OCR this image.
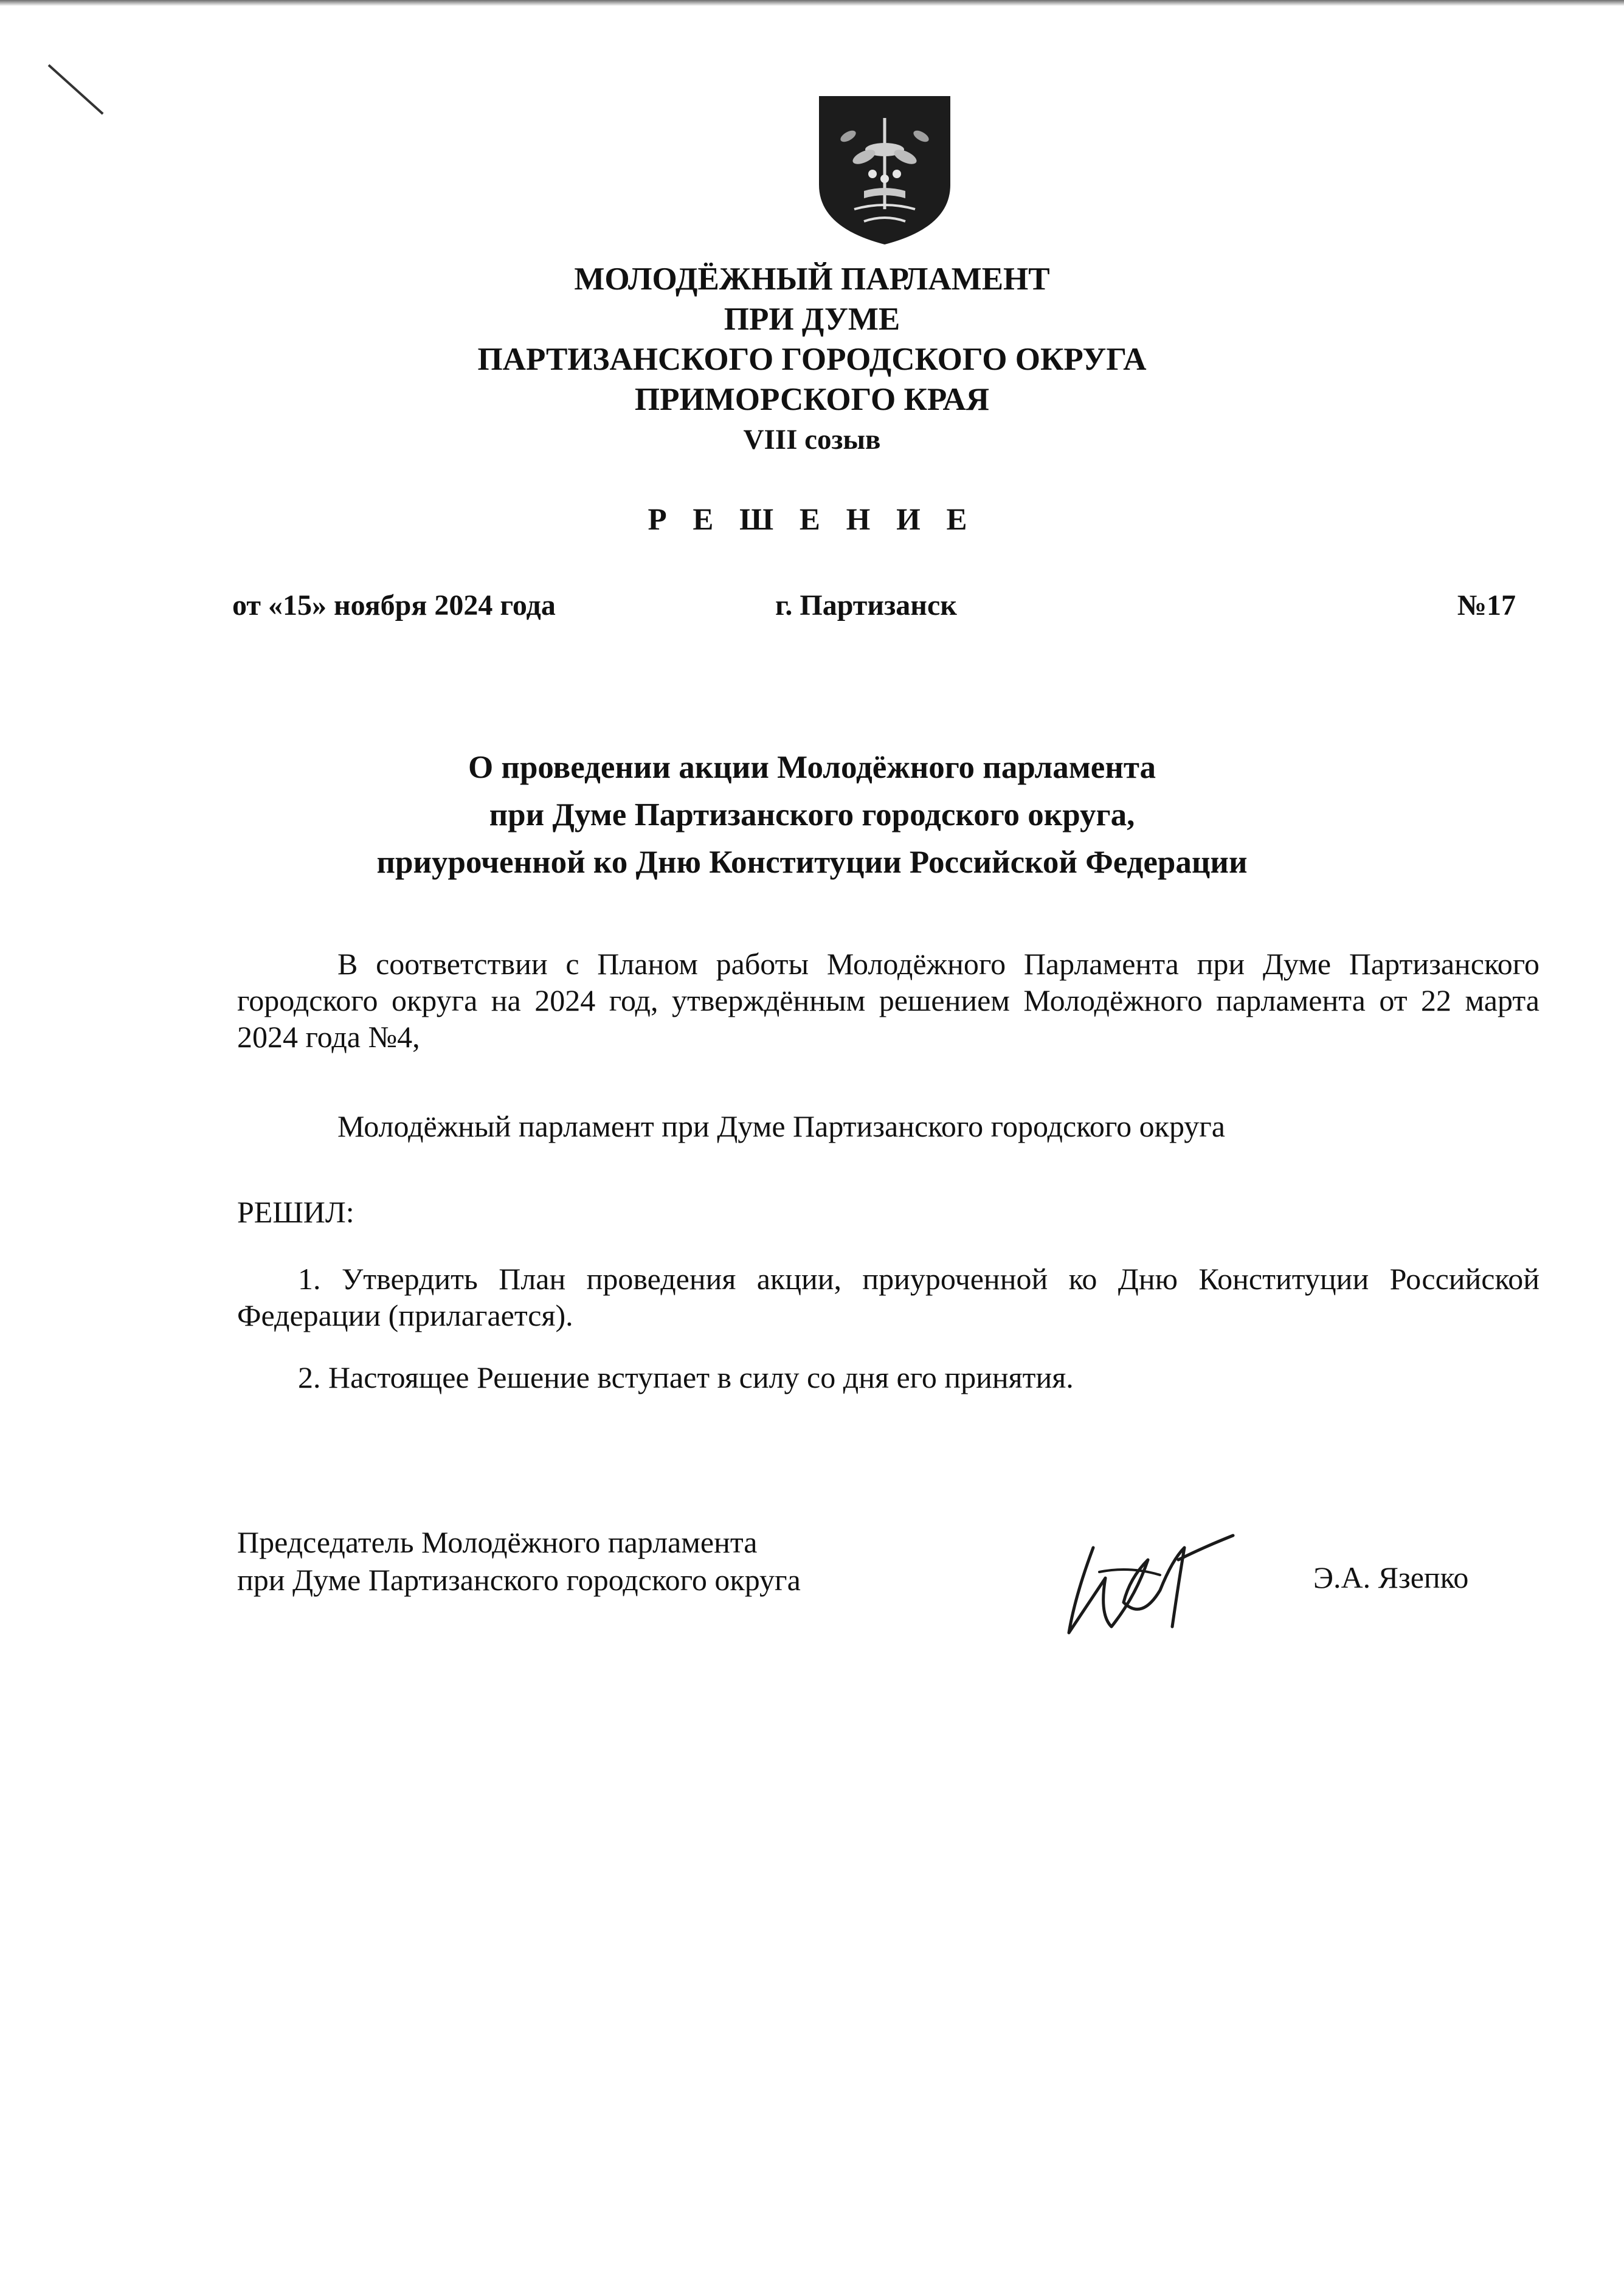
МОЛОДЁЖНЫЙ ПАРЛАМЕНТ
ПРИ ДУМЕ
ПАРТИЗАНСКОГО ГОРОДСКОГО ОКРУГА
ПРИМОРСКОГО КРАЯ
VIII созыв
Р Е Ш Е Н И Е
от «15» ноября 2024 года	г. Партизанск	№17
О проведении акции Молодёжного парламента
при Думе Партизанского городского округа,
приуроченной ко Дню Конституции Российской Федерации
В соответствии с Планом работы Молодёжного Парламента при Думе Партизанского городского округа на 2024 год, утверждённым решением Молодёжного парламента от 22 марта 2024 года №4,
Молодёжный парламент при Думе Партизанского городского округа
РЕШИЛ:
1. Утвердить План проведения акции, приуроченной ко Дню Конституции Российской Федерации (прилагается).
2. Настоящее Решение вступает в силу со дня его принятия.
Председатель Молодёжного парламента
при Думе Партизанского городского округа	Э.А. Язепко
